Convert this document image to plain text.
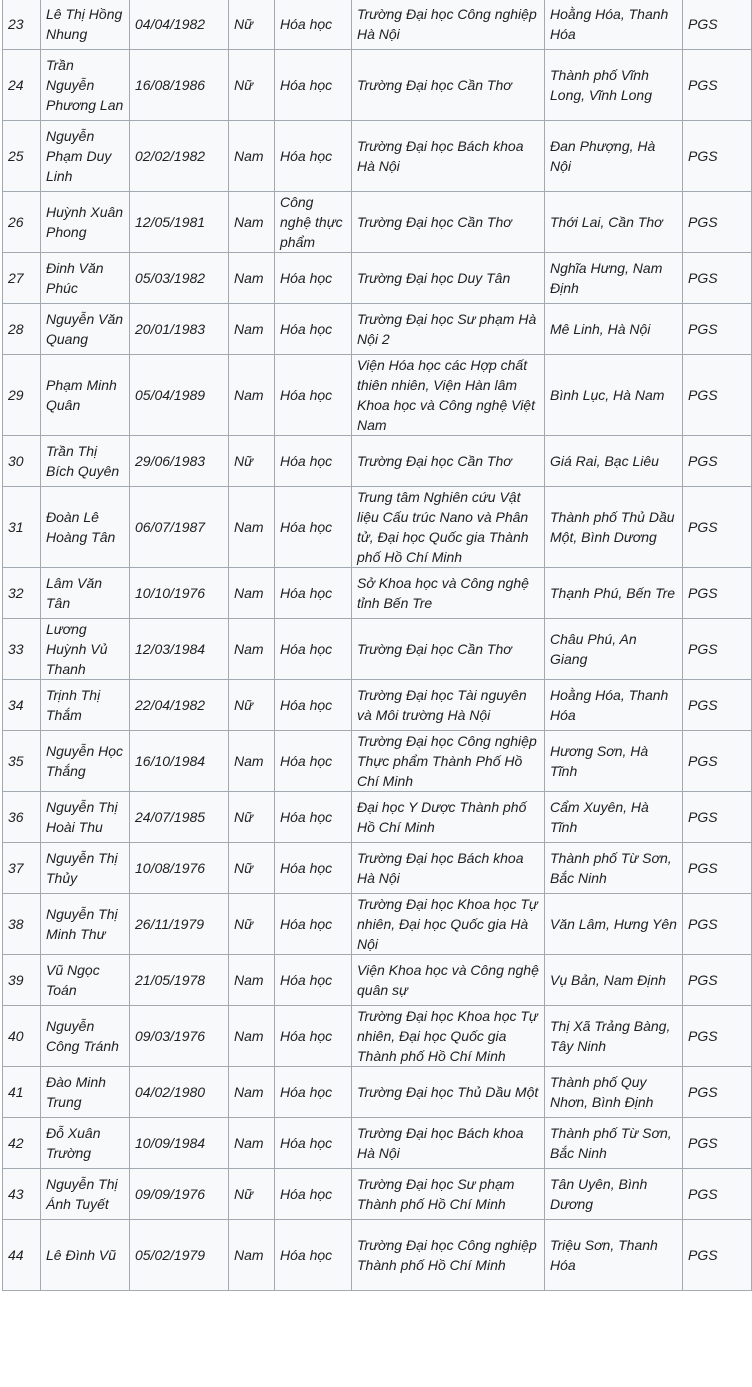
23	Lê Thị Hồng Nhung	04/04/1982	Nữ	Hóa học	Trường Đại học Công nghiệp Hà Nội	Hoằng Hóa, Thanh Hóa	PGS
24	Trần Nguyễn Phương Lan	16/08/1986	Nữ	Hóa học	Trường Đại học Cần Thơ	Thành phố Vĩnh Long, Vĩnh Long	PGS
25	Nguyễn Phạm Duy Linh	02/02/1982	Nam	Hóa học	Trường Đại học Bách khoa Hà Nội	Đan Phượng, Hà Nội	PGS
26	Huỳnh Xuân Phong	12/05/1981	Nam	Công nghệ thực phẩm	Trường Đại học Cần Thơ	Thới Lai, Cần Thơ	PGS
27	Đinh Văn Phúc	05/03/1982	Nam	Hóa học	Trường Đại học Duy Tân	Nghĩa Hưng, Nam Định	PGS
28	Nguyễn Văn Quang	20/01/1983	Nam	Hóa học	Trường Đại học Sư phạm Hà Nội 2	Mê Linh, Hà Nội	PGS
29	Phạm Minh Quân	05/04/1989	Nam	Hóa học	Viện Hóa học các Hợp chất thiên nhiên, Viện Hàn lâm Khoa học và Công nghệ Việt Nam	Bình Lục, Hà Nam	PGS
30	Trần Thị Bích Quyên	29/06/1983	Nữ	Hóa học	Trường Đại học Cần Thơ	Giá Rai, Bạc Liêu	PGS
31	Đoàn Lê Hoàng Tân	06/07/1987	Nam	Hóa học	Trung tâm Nghiên cứu Vật liệu Cấu trúc Nano và Phân tử, Đại học Quốc gia Thành phố Hồ Chí Minh	Thành phố Thủ Dầu Một, Bình Dương	PGS
32	Lâm Văn Tân	10/10/1976	Nam	Hóa học	Sở Khoa học và Công nghệ tỉnh Bến Tre	Thạnh Phú, Bến Tre	PGS
33	Lương Huỳnh Vủ Thanh	12/03/1984	Nam	Hóa học	Trường Đại học Cần Thơ	Châu Phú, An Giang	PGS
34	Trịnh Thị Thắm	22/04/1982	Nữ	Hóa học	Trường Đại học Tài nguyên và Môi trường Hà Nội	Hoằng Hóa, Thanh Hóa	PGS
35	Nguyễn Học Thắng	16/10/1984	Nam	Hóa học	Trường Đại học Công nghiệp Thực phẩm Thành Phố Hồ Chí Minh	Hương Sơn, Hà Tĩnh	PGS
36	Nguyễn Thị Hoài Thu	24/07/1985	Nữ	Hóa học	Đại học Y Dược Thành phố Hồ Chí Minh	Cẩm Xuyên, Hà Tĩnh	PGS
37	Nguyễn Thị Thủy	10/08/1976	Nữ	Hóa học	Trường Đại học Bách khoa Hà Nội	Thành phố Từ Sơn, Bắc Ninh	PGS
38	Nguyễn Thị Minh Thư	26/11/1979	Nữ	Hóa học	Trường Đại học Khoa học Tự nhiên, Đại học Quốc gia Hà Nội	Văn Lâm, Hưng Yên	PGS
39	Vũ Ngọc Toán	21/05/1978	Nam	Hóa học	Viện Khoa học và Công nghệ quân sự	Vụ Bản, Nam Định	PGS
40	Nguyễn Công Tránh	09/03/1976	Nam	Hóa học	Trường Đại học Khoa học Tự nhiên, Đại học Quốc gia Thành phố Hồ Chí Minh	Thị Xã Trảng Bàng, Tây Ninh	PGS
41	Đào Minh Trung	04/02/1980	Nam	Hóa học	Trường Đại học Thủ Dầu Một	Thành phố Quy Nhơn, Bình Định	PGS
42	Đỗ Xuân Trường	10/09/1984	Nam	Hóa học	Trường Đại học Bách khoa Hà Nội	Thành phố Từ Sơn, Bắc Ninh	PGS
43	Nguyễn Thị Ánh Tuyết	09/09/1976	Nữ	Hóa học	Trường Đại học Sư phạm Thành phố Hồ Chí Minh	Tân Uyên, Bình Dương	PGS
44	Lê Đình Vũ	05/02/1979	Nam	Hóa học	Trường Đại học Công nghiệp Thành phố Hồ Chí Minh	Triệu Sơn, Thanh Hóa	PGS
